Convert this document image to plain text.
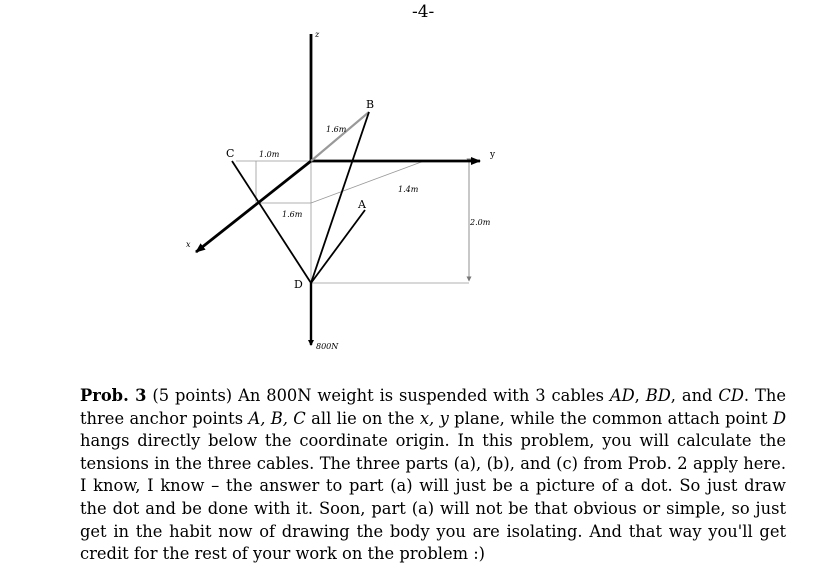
-4-
z
y
x
B
C
A
D
1.6m
1.0m
1.6m
1.4m
2.0m
800N
Prob. 3 (5 points) An 800N weight is suspended with 3 cables AD, BD, and CD. The three anchor points A, B, C all lie on the x, y plane, while the common attach point D hangs directly below the coordinate origin. In this problem, you will calculate the tensions in the three cables. The three parts (a), (b), and (c) from Prob. 2 apply here. I know, I know – the answer to part (a) will just be a picture of a dot. So just draw the dot and be done with it. Soon, part (a) will not be that obvious or simple, so just get in the habit now of drawing the body you are isolating. And that way you'll get credit for the rest of your work on the problem :)
